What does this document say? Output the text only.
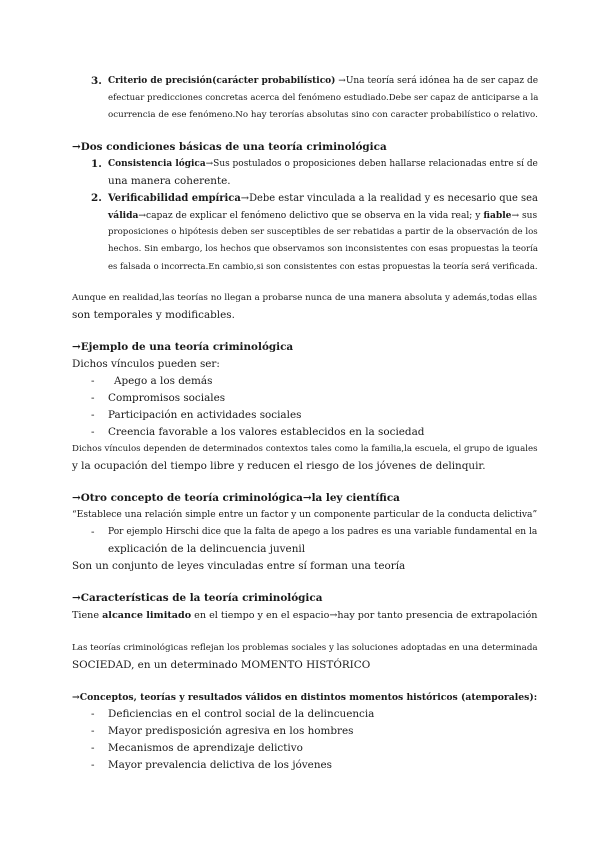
3. Criterio de precisión(carácter probabilístico) →Una teoría será idónea ha de ser capaz de
efectuar predicciones concretas acerca del fenómeno estudiado.Debe ser capaz de anticiparse a la
ocurrencia de ese fenómeno.No hay terorías absolutas sino con caracter probabilístico o relativo.
→Dos condiciones básicas de una teoría criminológica
1. Consistencia lógica→Sus postulados o proposiciones deben hallarse relacionadas entre sí de
una manera coherente.
2. Verificabilidad empírica→Debe estar vinculada a la realidad y es necesario que sea
válida→capaz de explicar el fenómeno delictivo que se observa en la vida real; y fiable→ sus
proposiciones o hipótesis deben ser susceptibles de ser rebatidas a partir de la observación de los
hechos. Sin embargo, los hechos que observamos son inconsistentes con esas propuestas la teoría
es falsada o incorrecta.En cambio,si son consistentes con estas propuestas la teoría será verificada.
Aunque en realidad,las teorías no llegan a probarse nunca de una manera absoluta y además,todas ellas
son temporales y modificables.
→Ejemplo de una teoría criminológica
Dichos vínculos pueden ser:
- Apego a los demás
- Compromisos sociales
- Participación en actividades sociales
- Creencia favorable a los valores establecidos en la sociedad
Dichos vínculos dependen de determinados contextos tales como la familia,la escuela, el grupo de iguales
y la ocupación del tiempo libre y reducen el riesgo de los jóvenes de delinquir.
→Otro concepto de teoría criminológica→la ley científica
“Establece una relación simple entre un factor y un componente particular de la conducta delictiva”
- Por ejemplo Hirschi dice que la falta de apego a los padres es una variable fundamental en la
explicación de la delincuencia juvenil
Son un conjunto de leyes vinculadas entre sí forman una teoría
→Características de la teoría criminológica
Tiene alcance limitado en el tiempo y en el espacio→hay por tanto presencia de extrapolación
Las teorías criminológicas reflejan los problemas sociales y las soluciones adoptadas en una determinada
SOCIEDAD, en un determinado MOMENTO HISTÓRICO
→Conceptos, teorías y resultados válidos en distintos momentos históricos (atemporales):
- Deficiencias en el control social de la delincuencia
- Mayor predisposición agresiva en los hombres
- Mecanismos de aprendizaje delictivo
- Mayor prevalencia delictiva de los jóvenes
